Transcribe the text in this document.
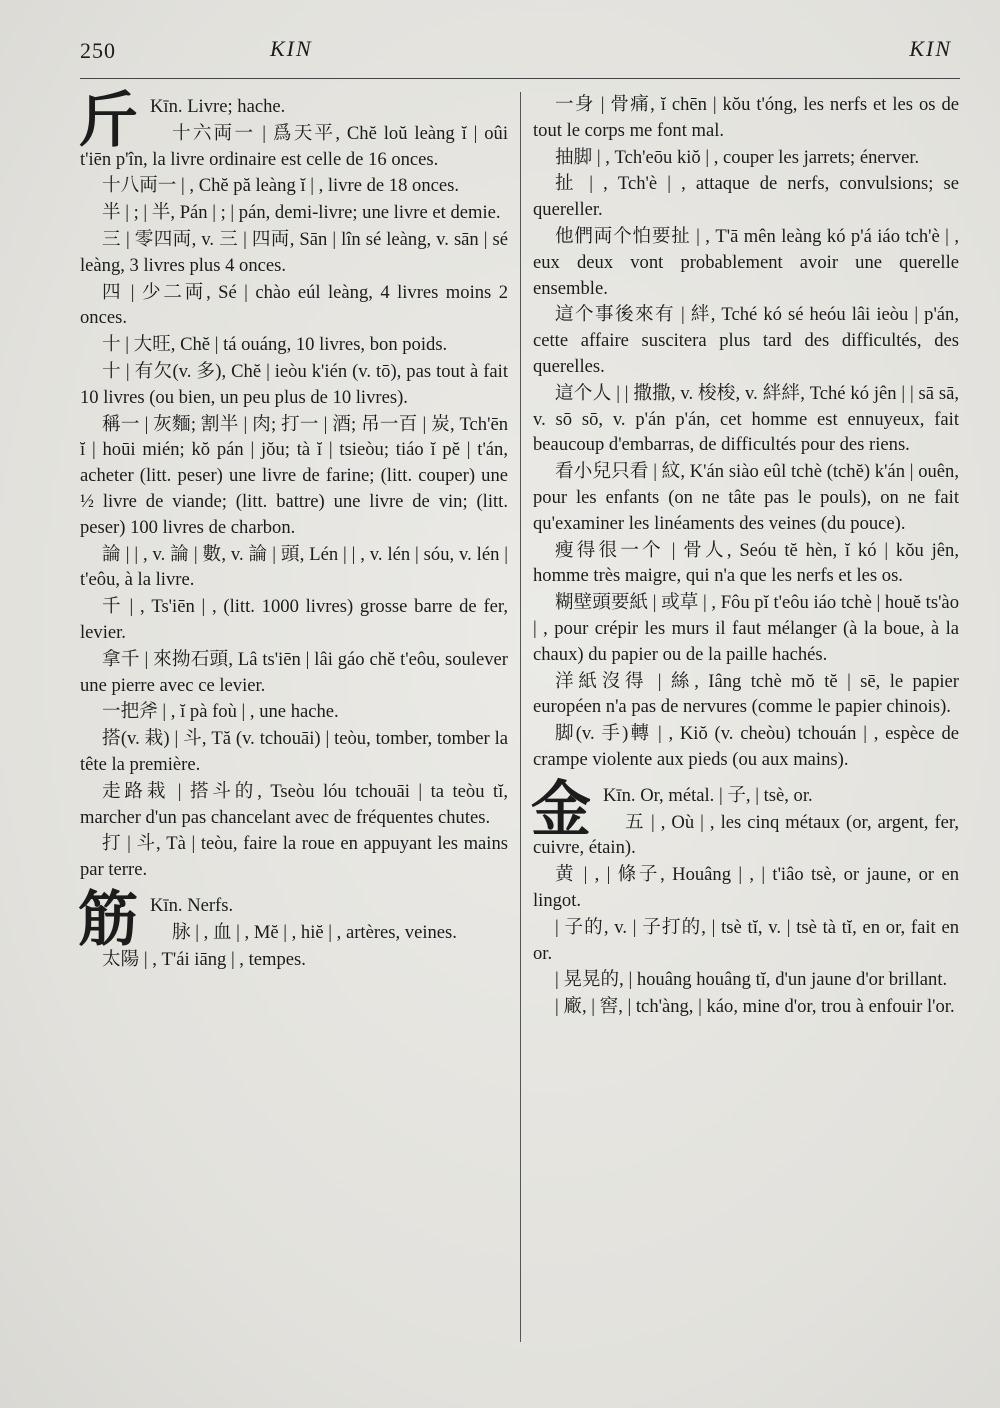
250	KIN	KIN

斤 Kīn. Livre; hache.

十六両一 | 爲天平, Chĕ loŭ leàng ĭ | oûi t'iēn p'în, la livre ordinaire est celle de 16 onces.

十八両一 | , Chĕ pă leàng ĭ | , livre de 18 onces.

半 | ; | 半, Pán | ; | pán, demi-livre; une livre et demie.

三 | 零四両, v. 三 | 四両, Sān | lîn sé leàng, v. sān | sé leàng, 3 livres plus 4 onces.

四 | 少二両, Sé | chào eúl leàng, 4 livres moins 2 onces.

十 | 大旺, Chĕ | tá ouáng, 10 livres, bon poids.

十 | 有欠(v. 多), Chĕ | ieòu k'ién (v. tō), pas tout à fait 10 livres (ou bien, un peu plus de 10 livres).

稱一 | 灰麵; 割半 | 肉; 打一 | 酒; 吊一百 | 炭, Tch'ēn ĭ | hoūi mién; kŏ pán | jŏu; tà ĭ | tsieòu; tiáo ĭ pĕ | t'án, acheter (litt. peser) une livre de farine; (litt. couper) une ½ livre de viande; (litt. battre) une livre de vin; (litt. peser) 100 livres de charbon.

論 | | , v. 論 | 數, v. 論 | 頭, Lén | | , v. lén | sóu, v. lén | t'eôu, à la livre.

千 | , Ts'iēn | , (litt. 1000 livres) grosse barre de fer, levier.

拿千 | 來拗石頭, Lâ ts'iēn | lâi gáo chĕ t'eôu, soulever une pierre avec ce levier.

一把斧 | , ĭ pà foù | , une hache.

搭(v. 栽) | 斗, Tă (v. tchouāi) | teòu, tomber, tomber la tête la première.

走路栽 | 搭斗的, Tseòu lóu tchouāi | ta teòu tĭ, marcher d'un pas chancelant avec de fréquentes chutes.

打 | 斗, Tà | teòu, faire la roue en appuyant les mains par terre.

筋 Kīn. Nerfs.

脉 | , 血 | , Mĕ | , hiĕ | , artères, veines.

太陽 | , T'ái iāng | , tempes.

一身 | 骨痛, ĭ chēn | kŏu t'óng, les nerfs et les os de tout le corps me font mal.

抽脚 | , Tch'eōu kiŏ | , couper les jarrets; énerver.

扯 | , Tch'è | , attaque de nerfs, convulsions; se quereller.

他們両个怕要扯 | , T'ā mên leàng kó p'á iáo tch'è | , eux deux vont probablement avoir une querelle ensemble.

這个事後來有 | 絆, Tché kó sé heóu lâi ieòu | p'án, cette affaire suscitera plus tard des difficultés, des querelles.

這个人 | | 撒撒, v. 梭梭, v. 絆絆, Tché kó jên | | sā sā, v. sō sō, v. p'án p'án, cet homme est ennuyeux, fait beaucoup d'embarras, de difficultés pour des riens.

看小兒只看 | 紋, K'án siào eûl tchè (tchĕ) k'án | ouên, pour les enfants (on ne tâte pas le pouls), on ne fait qu'examiner les linéaments des veines (du pouce).

瘦得很一个 | 骨人, Seóu tĕ hèn, ĭ kó | kŏu jên, homme très maigre, qui n'a que les nerfs et les os.

糊壁頭要紙 | 或草 | , Fôu pĭ t'eôu iáo tchè | houĕ ts'ào | , pour crépir les murs il faut mélanger (à la boue, à la chaux) du papier ou de la paille hachés.

洋紙沒得 | 絲, Iâng tchè mŏ tĕ | sē, le papier européen n'a pas de nervures (comme le papier chinois).

脚(v. 手)轉 | , Kiŏ (v. cheòu) tchouán | , espèce de crampe violente aux pieds (ou aux mains).

金 Kīn. Or, métal. | 子, | tsè, or.

五 | , Où | , les cinq métaux (or, argent, fer, cuivre, étain).

黄 | , | 條子, Houâng | , | t'iâo tsè, or jaune, or en lingot.

| 子的, v. | 子打的, | tsè tĭ, v. | tsè tà tĭ, en or, fait en or.

| 晃晃的, | houâng houâng tĭ, d'un jaune d'or brillant.

| 廠, | 窖, | tch'àng, | káo, mine d'or, trou à enfouir l'or.
